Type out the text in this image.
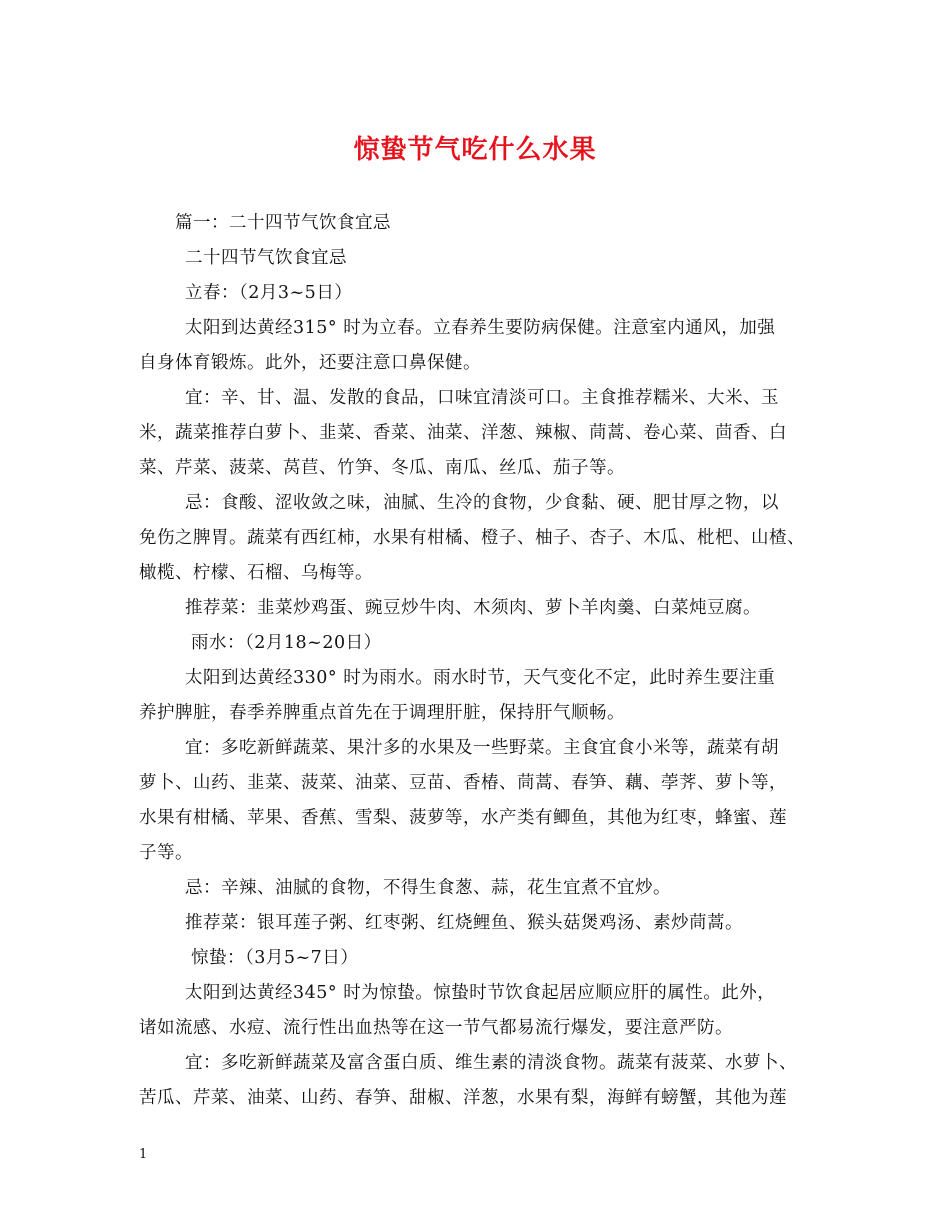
惊蛰节气吃什么水果
篇一：二十四节气饮食宜忌
二十四节气饮食宜忌
立春：（2月3~5日）
太阳到达黄经315° 时为立春。立春养生要防病保健。注意室内通风，加强
自身体育锻炼。此外，还要注意口鼻保健。
宜：辛、甘、温、发散的食品，口味宜清淡可口。主食推荐糯米、大米、玉
米，蔬菜推荐白萝卜、韭菜、香菜、油菜、洋葱、辣椒、茼蒿、卷心菜、茴香、白
菜、芹菜、菠菜、莴苣、竹笋、冬瓜、南瓜、丝瓜、茄子等。
忌：食酸、涩收敛之味，油腻、生冷的食物，少食黏、硬、肥甘厚之物，以
免伤之脾胃。蔬菜有西红柿，水果有柑橘、橙子、柚子、杏子、木瓜、枇杷、山楂、
橄榄、柠檬、石榴、乌梅等。
推荐菜：韭菜炒鸡蛋、豌豆炒牛肉、木须肉、萝卜羊肉羹、白菜炖豆腐。
雨水：（2月18~20日）
太阳到达黄经330° 时为雨水。雨水时节，天气变化不定，此时养生要注重
养护脾脏，春季养脾重点首先在于调理肝脏，保持肝气顺畅。
宜：多吃新鲜蔬菜、果汁多的水果及一些野菜。主食宜食小米等，蔬菜有胡
萝卜、山药、韭菜、菠菜、油菜、豆苗、香椿、茼蒿、春笋、藕、荸荠、萝卜等，
水果有柑橘、苹果、香蕉、雪梨、菠萝等，水产类有鲫鱼，其他为红枣，蜂蜜、莲
子等。
忌：辛辣、油腻的食物，不得生食葱、蒜，花生宜煮不宜炒。
推荐菜：银耳莲子粥、红枣粥、红烧鲤鱼、猴头菇煲鸡汤、素炒茼蒿。
惊蛰：（3月5~7日）
太阳到达黄经345° 时为惊蛰。惊蛰时节饮食起居应顺应肝的属性。此外，
诸如流感、水痘、流行性出血热等在这一节气都易流行爆发，要注意严防。
宜：多吃新鲜蔬菜及富含蛋白质、维生素的清淡食物。蔬菜有菠菜、水萝卜、
苦瓜、芹菜、油菜、山药、春笋、甜椒、洋葱，水果有梨，海鲜有螃蟹，其他为莲
1
